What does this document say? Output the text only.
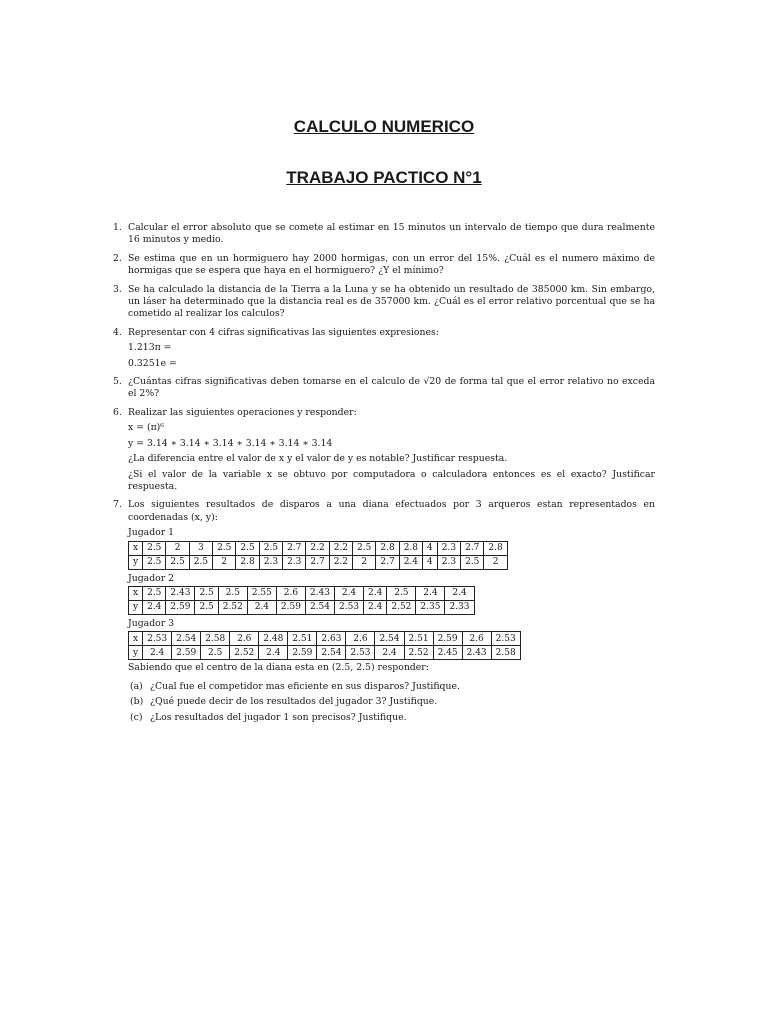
CALCULO NUMERICO
TRABAJO PACTICO N°1
1. Calcular el error absoluto que se comete al estimar en 15 minutos un intervalo de tiempo que dura realmente 16 minutos y medio.
2. Se estima que en un hormiguero hay 2000 hormigas, con un error del 15%. ¿Cuál es el numero máximo de hormigas que se espera que haya en el hormiguero? ¿Y el mínimo?
3. Se ha calculado la distancia de la Tierra a la Luna y se ha obtenido un resultado de 385000 km. Sin embargo, un láser ha determinado que la distancia real es de 357000 km. ¿Cuál es el error relativo porcentual que se ha cometido al realizar los calculos?
4. Representar con 4 cifras significativas las siguientes expresiones:
1.213π =
0.3251e =
5. ¿Cuántas cifras significativas deben tomarse en el calculo de √20 de forma tal que el error relativo no exceda el 2%?
6. Realizar las siguientes operaciones y responder:
x = (π)⁶
y = 3.14 ∗ 3.14 ∗ 3.14 ∗ 3.14 ∗ 3.14 ∗ 3.14
¿La diferencia entre el valor de x y el valor de y es notable? Justificar respuesta.
¿Si el valor de la variable x se obtuvo por computadora o calculadora entonces es el exacto? Justificar respuesta.
7. Los siguientes resultados de disparos a una diana efectuados por 3 arqueros estan representados en coordenadas (x, y):
Jugador 1
x	2.5	2	3	2.5	2.5	2.5	2.7	2.2	2.2	2.5	2.8	2.8	4	2.3	2.7	2.8
y	2.5	2.5	2.5	2	2.8	2.3	2.3	2.7	2.2	2	2.7	2.4	4	2.3	2.5	2
Jugador 2
x	2.5	2.43	2.5	2.5	2.55	2.6	2.43	2.4	2.4	2.5	2.4	2.4
y	2.4	2.59	2.5	2.52	2.4	2.59	2.54	2.53	2.4	2.52	2.35	2.33
Jugador 3
x	2.53	2.54	2.58	2.6	2.48	2.51	2.63	2.6	2.54	2.51	2.59	2.6	2.53
y	2.4	2.59	2.5	2.52	2.4	2.59	2.54	2.53	2.4	2.52	2.45	2.43	2.58
Sabiendo que el centro de la diana esta en (2.5, 2.5) responder:
(a) ¿Cual fue el competidor mas eficiente en sus disparos? Justifique.
(b) ¿Qué puede decir de los resultados del jugador 3? Justifique.
(c) ¿Los resultados del jugador 1 son precisos? Justifique.
